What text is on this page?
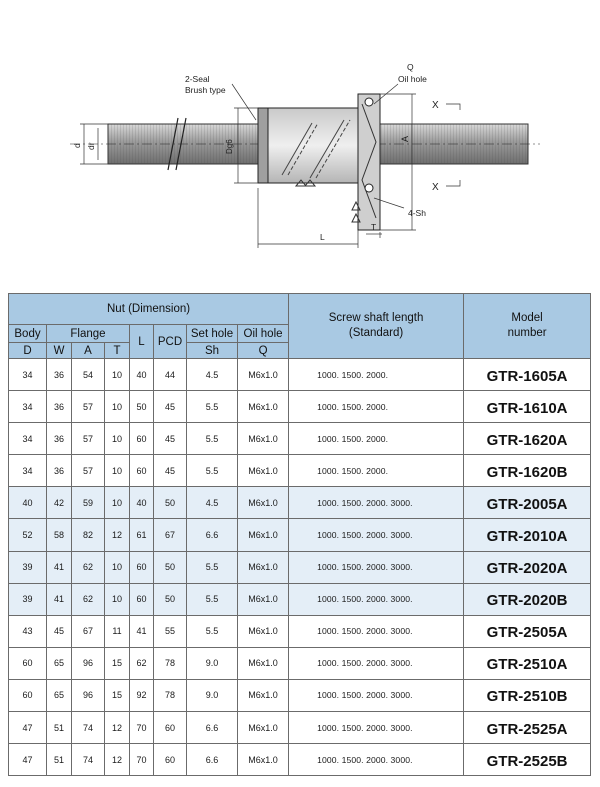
2-Seal
Brush type
Q
Oil hole
d dr	Dg6
A
X
X
4-Sh
T
L
Nut (Dimension)								Screw shaft length
(Standard)	Model
number

Body	Flange			L	PCD	Set hole	Oil hole		
D	W	A	T			Sh	Q		
34	36	54	10	40	44	4.5	M6x1.0	1000. 1500. 2000.	GTR-1605A
34	36	57	10	50	45	5.5	M6x1.0	1000. 1500. 2000.	GTR-1610A
34	36	57	10	60	45	5.5	M6x1.0	1000. 1500. 2000.	GTR-1620A
34	36	57	10	60	45	5.5	M6x1.0	1000. 1500. 2000.	GTR-1620B
40	42	59	10	40	50	4.5	M6x1.0	1000. 1500. 2000. 3000.	GTR-2005A
52	58	82	12	61	67	6.6	M6x1.0	1000. 1500. 2000. 3000.	GTR-2010A
39	41	62	10	60	50	5.5	M6x1.0	1000. 1500. 2000. 3000.	GTR-2020A
39	41	62	10	60	50	5.5	M6x1.0	1000. 1500. 2000. 3000.	GTR-2020B
43	45	67	11	41	55	5.5	M6x1.0	1000. 1500. 2000. 3000.	GTR-2505A
60	65	96	15	62	78	9.0	M6x1.0	1000. 1500. 2000. 3000.	GTR-2510A
60	65	96	15	92	78	9.0	M6x1.0	1000. 1500. 2000. 3000.	GTR-2510B
47	51	74	12	70	60	6.6	M6x1.0	1000. 1500. 2000. 3000.	GTR-2525A
47	51	74	12	70	60	6.6	M6x1.0	1000. 1500. 2000. 3000.	GTR-2525B
